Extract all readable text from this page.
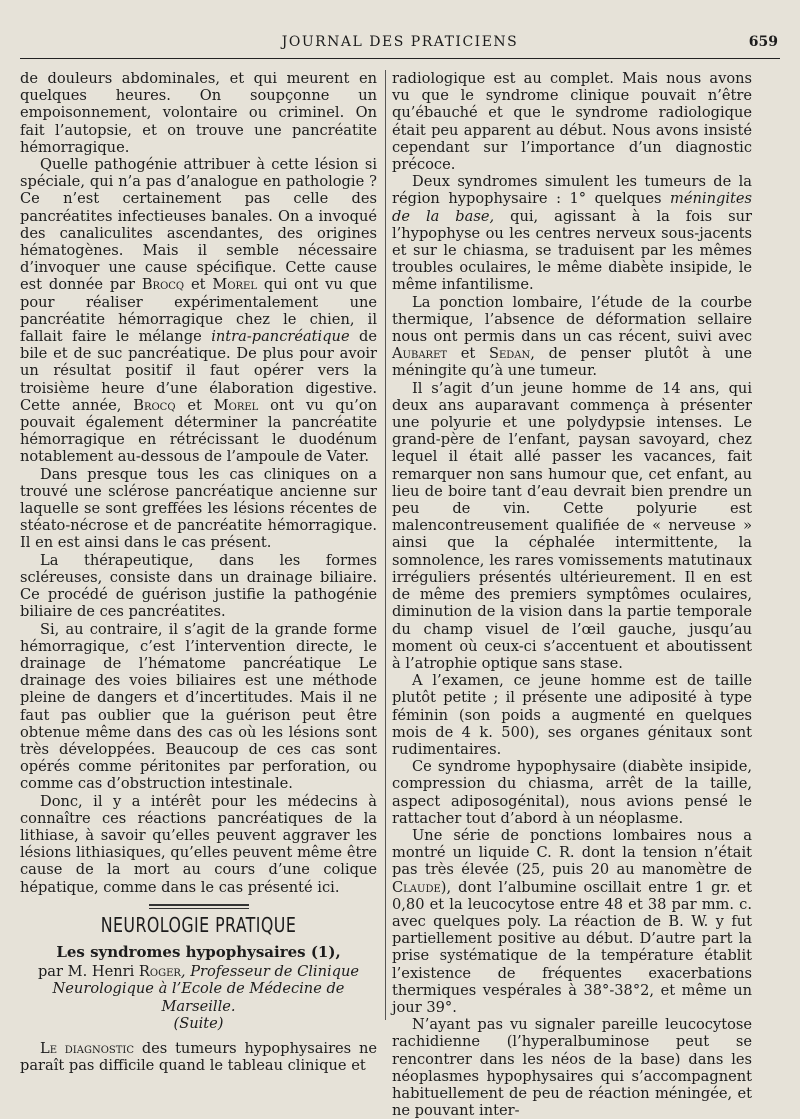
JOURNAL DES PRATICIENS	659

de douleurs abdominales, et qui meurent en quelques heures. On soupçonne un empoisonnement, volontaire ou criminel. On fait l’autopsie, et on trouve une pancréatite hémorragique.

Quelle pathogénie attribuer à cette lésion si spéciale, qui n’a pas d’analogue en pathologie ? Ce n’est certainement pas celle des pancréatites infectieuses banales. On a invoqué des canaliculites ascendantes, des origines hématogènes. Mais il semble nécessaire d’invoquer une cause spécifique. Cette cause est donnée par Brocq et Morel qui ont vu que pour réaliser expérimentalement une pancréatite hémorragique chez le chien, il fallait faire le mélange intra-pancréatique de bile et de suc pancréatique. De plus pour avoir un résultat positif il faut opérer vers la troisième heure d’une élaboration digestive. Cette année, Brocq et Morel ont vu qu’on pouvait également déterminer la pancréatite hémorragique en rétrécissant le duodénum notablement au-dessous de l’ampoule de Vater.

Dans presque tous les cas cliniques on a trouvé une sclérose pancréatique ancienne sur laquelle se sont greffées les lésions récentes de stéato-nécrose et de pancréatite hémorragique. Il en est ainsi dans le cas présent.

La thérapeutique, dans les formes scléreuses, consiste dans un drainage biliaire. Ce procédé de guérison justifie la pathogénie biliaire de ces pancréatites.

Si, au contraire, il s’agit de la grande forme hémorragique, c’est l’intervention directe, le drainage de l’hématome pancréatique Le drainage des voies biliaires est une méthode pleine de dangers et d’incertitudes. Mais il ne faut pas oublier que la guérison peut être obtenue même dans des cas où les lésions sont très développées. Beaucoup de ces cas sont opérés comme péritonites par perforation, ou comme cas d’obstruction intestinale.

Donc, il y a intérêt pour les médecins à connaître ces réactions pancréatiques de la lithiase, à savoir qu’elles peuvent aggraver les lésions lithiasiques, qu’elles peuvent même être cause de la mort au cours d’une colique hépatique, comme dans le cas présenté ici.

NEUROLOGIE PRATIQUE
Les syndromes hypophysaires (1),
par M. Henri Roger, Professeur de Clinique Neurologique à l’Ecole de Médecine de Marseille.
(Suite)

Le diagnostic des tumeurs hypophysaires ne paraît pas difficile quand le tableau clinique et

radiologique est au complet. Mais nous avons vu que le syndrome clinique pouvait n’être qu’ébauché et que le syndrome radiologique était peu apparent au début. Nous avons insisté cependant sur l’importance d’un diagnostic précoce.

Deux syndromes simulent les tumeurs de la région hypophysaire : 1° quelques méningites de la base, qui, agissant à la fois sur l’hypophyse ou les centres nerveux sous-jacents et sur le chiasma, se traduisent par les mêmes troubles oculaires, le même diabète insipide, le même infantilisme.

La ponction lombaire, l’étude de la courbe thermique, l’absence de déformation sellaire nous ont permis dans un cas récent, suivi avec Aubaret et Sedan, de penser plutôt à une méningite qu’à une tumeur.

Il s’agit d’un jeune homme de 14 ans, qui deux ans auparavant commença à présenter une polyurie et une polydypsie intenses. Le grand-père de l’enfant, paysan savoyard, chez lequel il était allé passer les vacances, fait remarquer non sans humour que, cet enfant, au lieu de boire tant d’eau devrait bien prendre un peu de vin. Cette polyurie est malencontreusement qualifiée de « nerveuse » ainsi que la céphalée intermittente, la somnolence, les rares vomissements matutinaux irréguliers présentés ultérieurement. Il en est de même des premiers symptômes oculaires, diminution de la vision dans la partie temporale du champ visuel de l’œil gauche, jusqu’au moment où ceux-ci s’accentuent et aboutissent à l’atrophie optique sans stase.

A l’examen, ce jeune homme est de taille plutôt petite ; il présente une adiposité à type féminin (son poids a augmenté en quelques mois de 4 k. 500), ses organes génitaux sont rudimentaires.

Ce syndrome hypophysaire (diabète insipide, compression du chiasma, arrêt de la taille, aspect adiposogénital), nous avions pensé le rattacher tout d’abord à un néoplasme.

Une série de ponctions lombaires nous a montré un liquide C. R. dont la tension n’était pas très élevée (25, puis 20 au manomètre de Claude), dont l’albumine oscillait entre 1 gr. et 0,80 et la leucocytose entre 48 et 38 par mm. c. avec quelques poly. La réaction de B. W. y fut partiellement positive au début. D’autre part la prise systématique de la température établit l’existence de fréquentes exacerbations thermiques vespérales à 38°-38°2, et même un jour 39°.

N’ayant pas vu signaler pareille leucocytose rachidienne (l’hyperalbuminose peut se rencontrer dans les néos de la base) dans les néoplasmes hypophysaires qui s’accompagnent habituellement de peu de réaction méningée, et ne pouvant inter-
